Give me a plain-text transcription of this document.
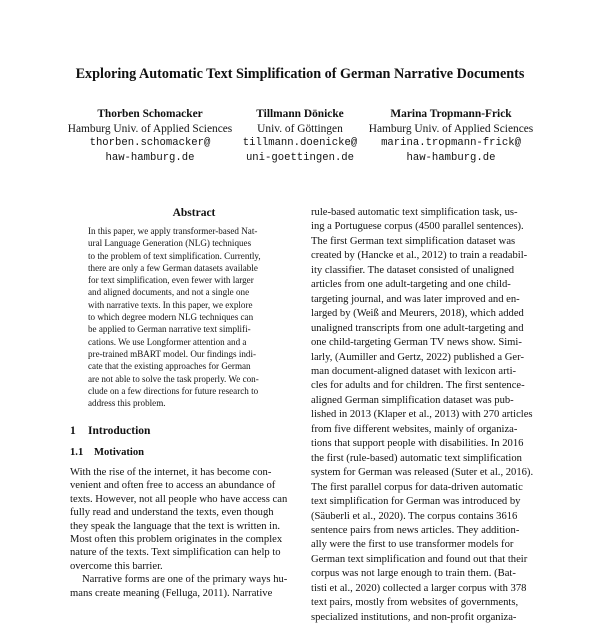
Exploring Automatic Text Simplification of German Narrative Documents
Thorben Schomacker
Hamburg Univ. of Applied Sciences
thorben.schomacker@
haw-hamburg.de
Tillmann Dönicke
Univ. of Göttingen
tillmann.doenicke@
uni-goettingen.de
Marina Tropmann-Frick
Hamburg Univ. of Applied Sciences
marina.tropmann-frick@
haw-hamburg.de
Abstract
In this paper, we apply transformer-based Nat-
ural Language Generation (NLG) techniques
to the problem of text simplification. Currently,
there are only a few German datasets available
for text simplification, even fewer with larger
and aligned documents, and not a single one
with narrative texts. In this paper, we explore
to which degree modern NLG techniques can
be applied to German narrative text simplifi-
cations. We use Longformer attention and a
pre-trained mBART model. Our findings indi-
cate that the existing approaches for German
are not able to solve the task properly. We con-
clude on a few directions for future research to
address this problem.
1 Introduction
1.1 Motivation
With the rise of the internet, it has become con-
venient and often free to access an abundance of
texts. However, not all people who have access can
fully read and understand the texts, even though
they speak the language that the text is written in.
Most often this problem originates in the complex
nature of the texts. Text simplification can help to
overcome this barrier.
Narrative forms are one of the primary ways hu-
mans create meaning (Felluga, 2011). Narrative
rule-based automatic text simplification task, us-
ing a Portuguese corpus (4500 parallel sentences).
The first German text simplification dataset was
created by (Hancke et al., 2012) to train a readabil-
ity classifier. The dataset consisted of unaligned
articles from one adult-targeting and one child-
targeting journal, and was later improved and en-
larged by (Weiß and Meurers, 2018), which added
unaligned transcripts from one adult-targeting and
one child-targeting German TV news show. Simi-
larly, (Aumiller and Gertz, 2022) published a Ger-
man document-aligned dataset with lexicon arti-
cles for adults and for children. The first sentence-
aligned German simplification dataset was pub-
lished in 2013 (Klaper et al., 2013) with 270 articles
from five different websites, mainly of organiza-
tions that support people with disabilities. In 2016
the first (rule-based) automatic text simplification
system for German was released (Suter et al., 2016).
The first parallel corpus for data-driven automatic
text simplification for German was introduced by
(Säuberli et al., 2020). The corpus contains 3616
sentence pairs from news articles. They addition-
ally were the first to use transformer models for
German text simplification and found out that their
corpus was not large enough to train them. (Bat-
tisti et al., 2020) collected a larger corpus with 378
text pairs, mostly from websites of governments,
specialized institutions, and non-profit organiza-
